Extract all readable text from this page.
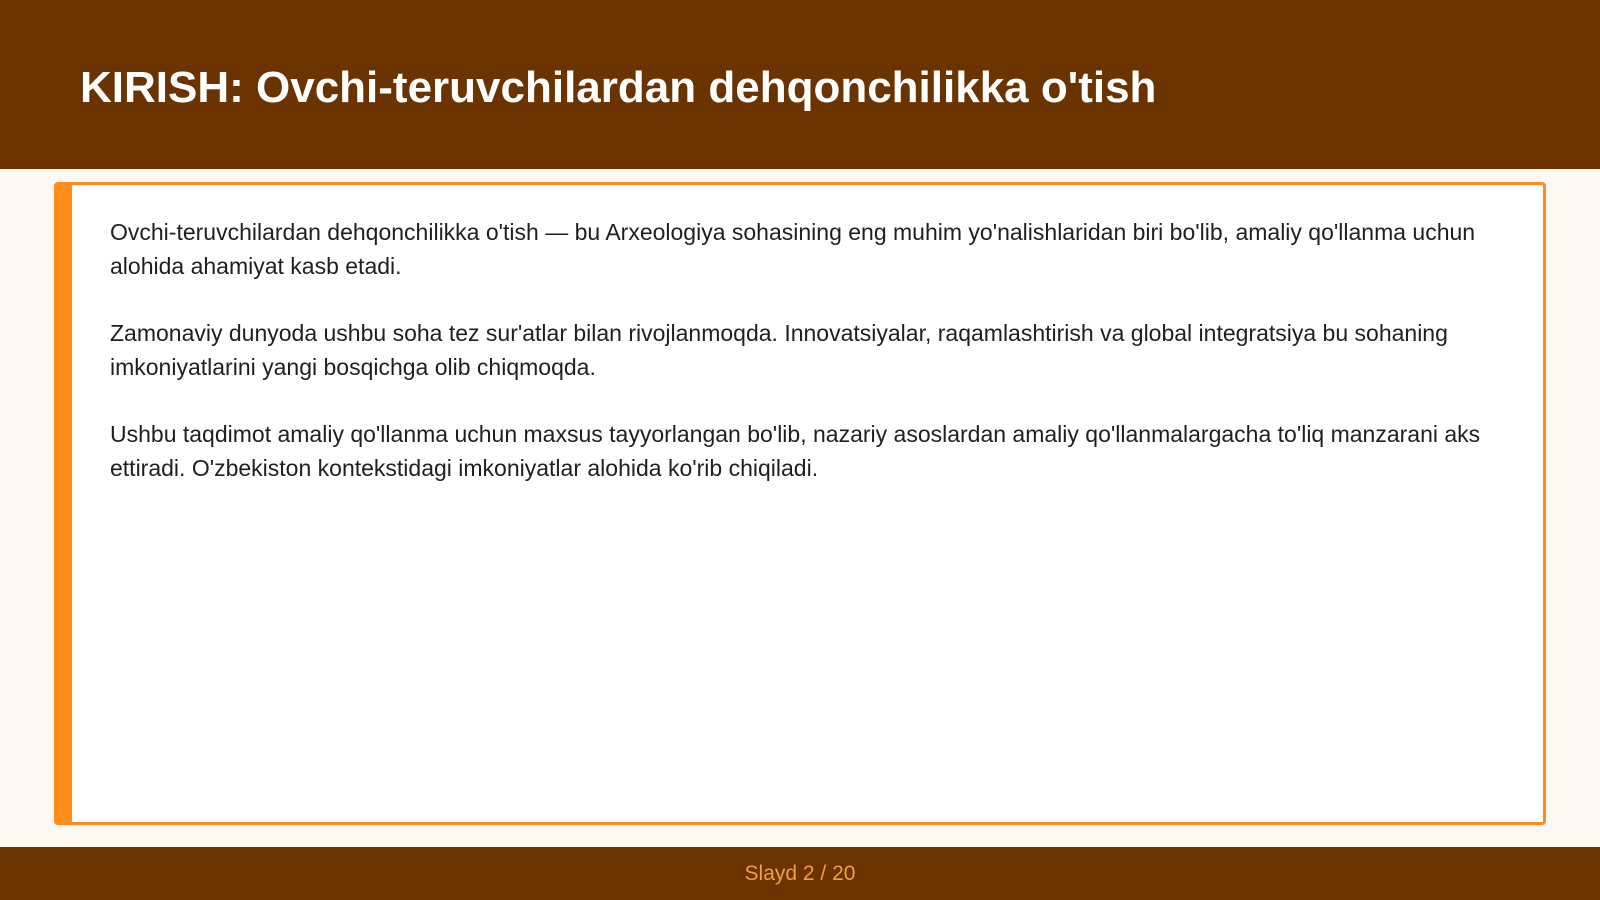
KIRISH: Ovchi-teruvchilardan dehqonchilikka o'tish

Ovchi-teruvchilardan dehqonchilikka o'tish — bu Arxeologiya sohasining eng muhim yo'nalishlaridan biri bo'lib, amaliy qo'llanma uchun alohida ahamiyat kasb etadi.

Zamonaviy dunyoda ushbu soha tez sur'atlar bilan rivojlanmoqda. Innovatsiyalar, raqamlashtirish va global integratsiya bu sohaning imkoniyatlarini yangi bosqichga olib chiqmoqda.

Ushbu taqdimot amaliy qo'llanma uchun maxsus tayyorlangan bo'lib, nazariy asoslardan amaliy qo'llanmalargacha to'liq manzarani aks ettiradi. O'zbekiston kontekstidagi imkoniyatlar alohida ko'rib chiqiladi.

Slayd 2 / 20
